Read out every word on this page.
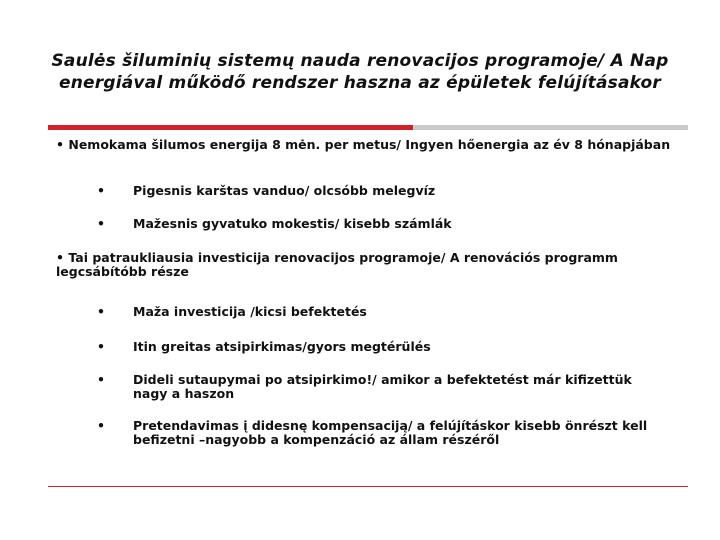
Saulės šiluminių sistemų nauda renovacijos programoje/ A Nap energiával működő rendszer haszna az épületek felújításakor
• Nemokama šilumos energija 8 mėn. per metus/ Ingyen hőenergia az év 8 hónapjában
•	Pigesnis karštas vanduo/ olcsóbb melegvíz
•	Mažesnis gyvatuko mokestis/ kisebb számlák
• Tai patraukliausia investicija renovacijos programoje/ A renovációs programm legcsábítóbb része
•	Maža investicija /kicsi befektetés
•	Itin greitas atsipirkimas/gyors megtérülés
•	Dideli sutaupymai po atsipirkimo!/ amikor a befektetést már kifizettük nagy a haszon
•	Pretendavimas į didesnę kompensaciją/ a felújításkor kisebb önrészt kell befizetni –nagyobb a kompenzáció az állam részéről
